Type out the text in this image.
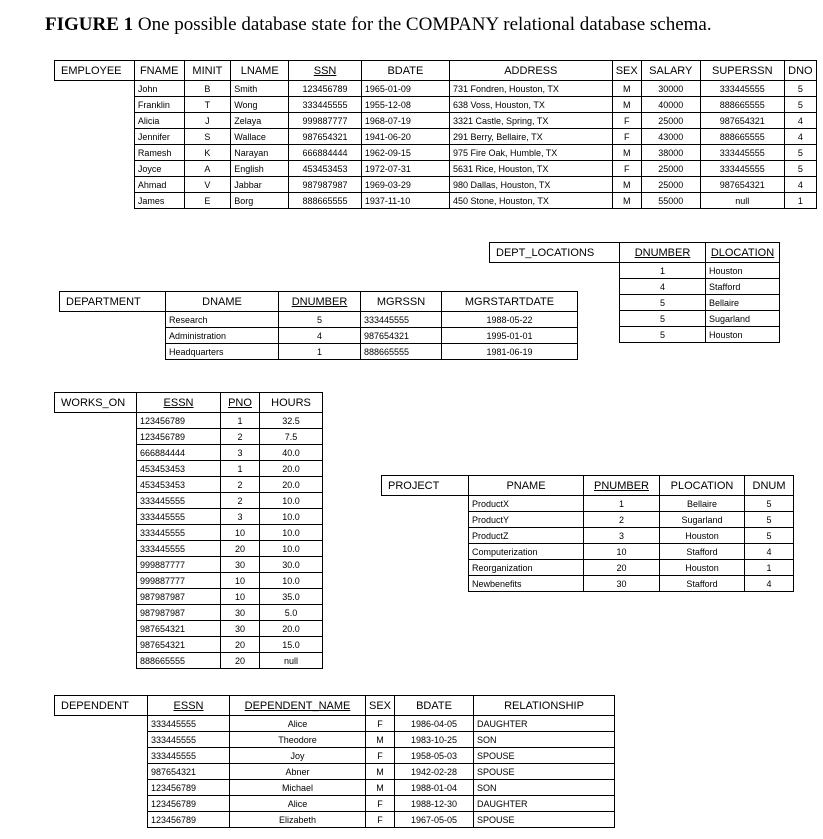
FIGURE 1 One possible database state for the COMPANY relational database schema.
EMPLOYEE	FNAME	MINIT	LNAME	SSN	BDATE	ADDRESS	SEX	SALARY	SUPERSSN	DNO
	John	B	Smith	123456789	1965-01-09	731 Fondren, Houston, TX	M	30000	333445555	5
	Franklin	T	Wong	333445555	1955-12-08	638 Voss, Houston, TX	M	40000	888665555	5
	Alicia	J	Zelaya	999887777	1968-07-19	3321 Castle, Spring, TX	F	25000	987654321	4
	Jennifer	S	Wallace	987654321	1941-06-20	291 Berry, Bellaire, TX	F	43000	888665555	4
	Ramesh	K	Narayan	666884444	1962-09-15	975 Fire Oak, Humble, TX	M	38000	333445555	5
	Joyce	A	English	453453453	1972-07-31	5631 Rice, Houston, TX	F	25000	333445555	5
	Ahmad	V	Jabbar	987987987	1969-03-29	980 Dallas, Houston, TX	M	25000	987654321	4
	James	E	Borg	888665555	1937-11-10	450 Stone, Houston, TX	M	55000	null	1
DEPT_LOCATIONS	DNUMBER	DLOCATION
	1	Houston
	4	Stafford
	5	Bellaire
	5	Sugarland
	5	Houston
DEPARTMENT	DNAME	DNUMBER	MGRSSN	MGRSTARTDATE
	Research	5	333445555	1988-05-22
	Administration	4	987654321	1995-01-01
	Headquarters	1	888665555	1981-06-19
WORKS_ON	ESSN	PNO	HOURS
	123456789	1	32.5
	123456789	2	7.5
	666884444	3	40.0
	453453453	1	20.0
	453453453	2	20.0
	333445555	2	10.0
	333445555	3	10.0
	333445555	10	10.0
	333445555	20	10.0
	999887777	30	30.0
	999887777	10	10.0
	987987987	10	35.0
	987987987	30	5.0
	987654321	30	20.0
	987654321	20	15.0
	888665555	20	null
PROJECT	PNAME	PNUMBER	PLOCATION	DNUM
	ProductX	1	Bellaire	5
	ProductY	2	Sugarland	5
	ProductZ	3	Houston	5
	Computerization	10	Stafford	4
	Reorganization	20	Houston	1
	Newbenefits	30	Stafford	4
DEPENDENT	ESSN	DEPENDENT_NAME	SEX	BDATE	RELATIONSHIP
	333445555	Alice	F	1986-04-05	DAUGHTER
	333445555	Theodore	M	1983-10-25	SON
	333445555	Joy	F	1958-05-03	SPOUSE
	987654321	Abner	M	1942-02-28	SPOUSE
	123456789	Michael	M	1988-01-04	SON
	123456789	Alice	F	1988-12-30	DAUGHTER
	123456789	Elizabeth	F	1967-05-05	SPOUSE
